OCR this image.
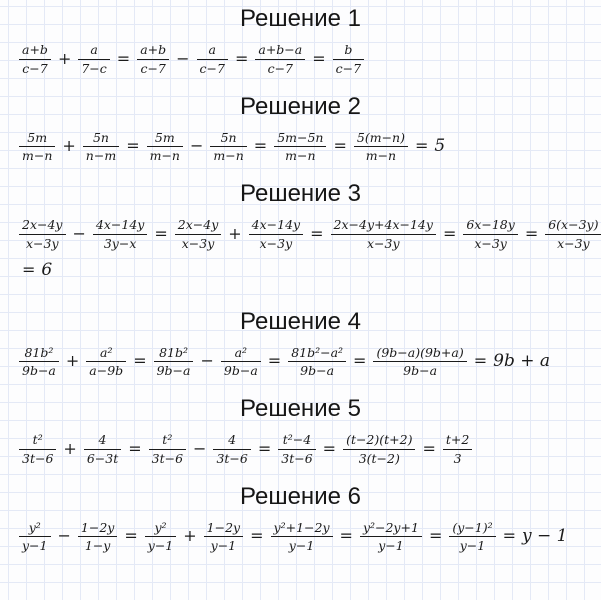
Решение 1
$\frac{a+b}{c-7} + \frac{a}{7-c} = \frac{a+b}{c-7} - \frac{a}{c-7} = \frac{a+b-a}{c-7} = \frac{b}{c-7}$
Решение 2
$\frac{5m}{m-n} + \frac{5n}{n-m} = \frac{5m}{m-n} - \frac{5n}{m-n} = \frac{5m-5n}{m-n} = \frac{5(m-n)}{m-n} = 5$
Решение 3
$\frac{2x-4y}{x-3y} - \frac{4x-14y}{3y-x} = \frac{2x-4y}{x-3y} + \frac{4x-14y}{x-3y} = \frac{2x-4y+4x-14y}{x-3y} = \frac{6x-18y}{x-3y} = \frac{6(x-3y)}{x-3y}$
= 6
Решение 4
$\frac{\text{81b²}}{9b-a} + \frac{\text{a²}}{a-9b} = \frac{\text{81b²}}{9b-a} - \frac{\text{a²}}{9b-a} = \frac{\text{81b²−a²}}{9b-a} = \frac{(9b-a)(9b+a)}{9b-a} = 9b + a$
Решение 5
$\frac{\text{t²}}{3t-6} + \frac{4}{6-3t} = \frac{\text{t²}}{3t-6} - \frac{4}{3t-6} = \frac{\text{t²−4}}{3t-6} = \frac{(t-2)(t+2)}{3(t-2)} = \frac{t+2}{3}$
Решение 6
$\frac{\text{y²}}{y-1} - \frac{1-2y}{1-y} = \frac{\text{y²}}{y-1} + \frac{1-2y}{y-1} = \frac{\text{y²+1−2y}}{y-1} = \frac{\text{y²−2y+1}}{y-1} = \frac{\text{(y−1)²}}{y-1} = y - 1$
